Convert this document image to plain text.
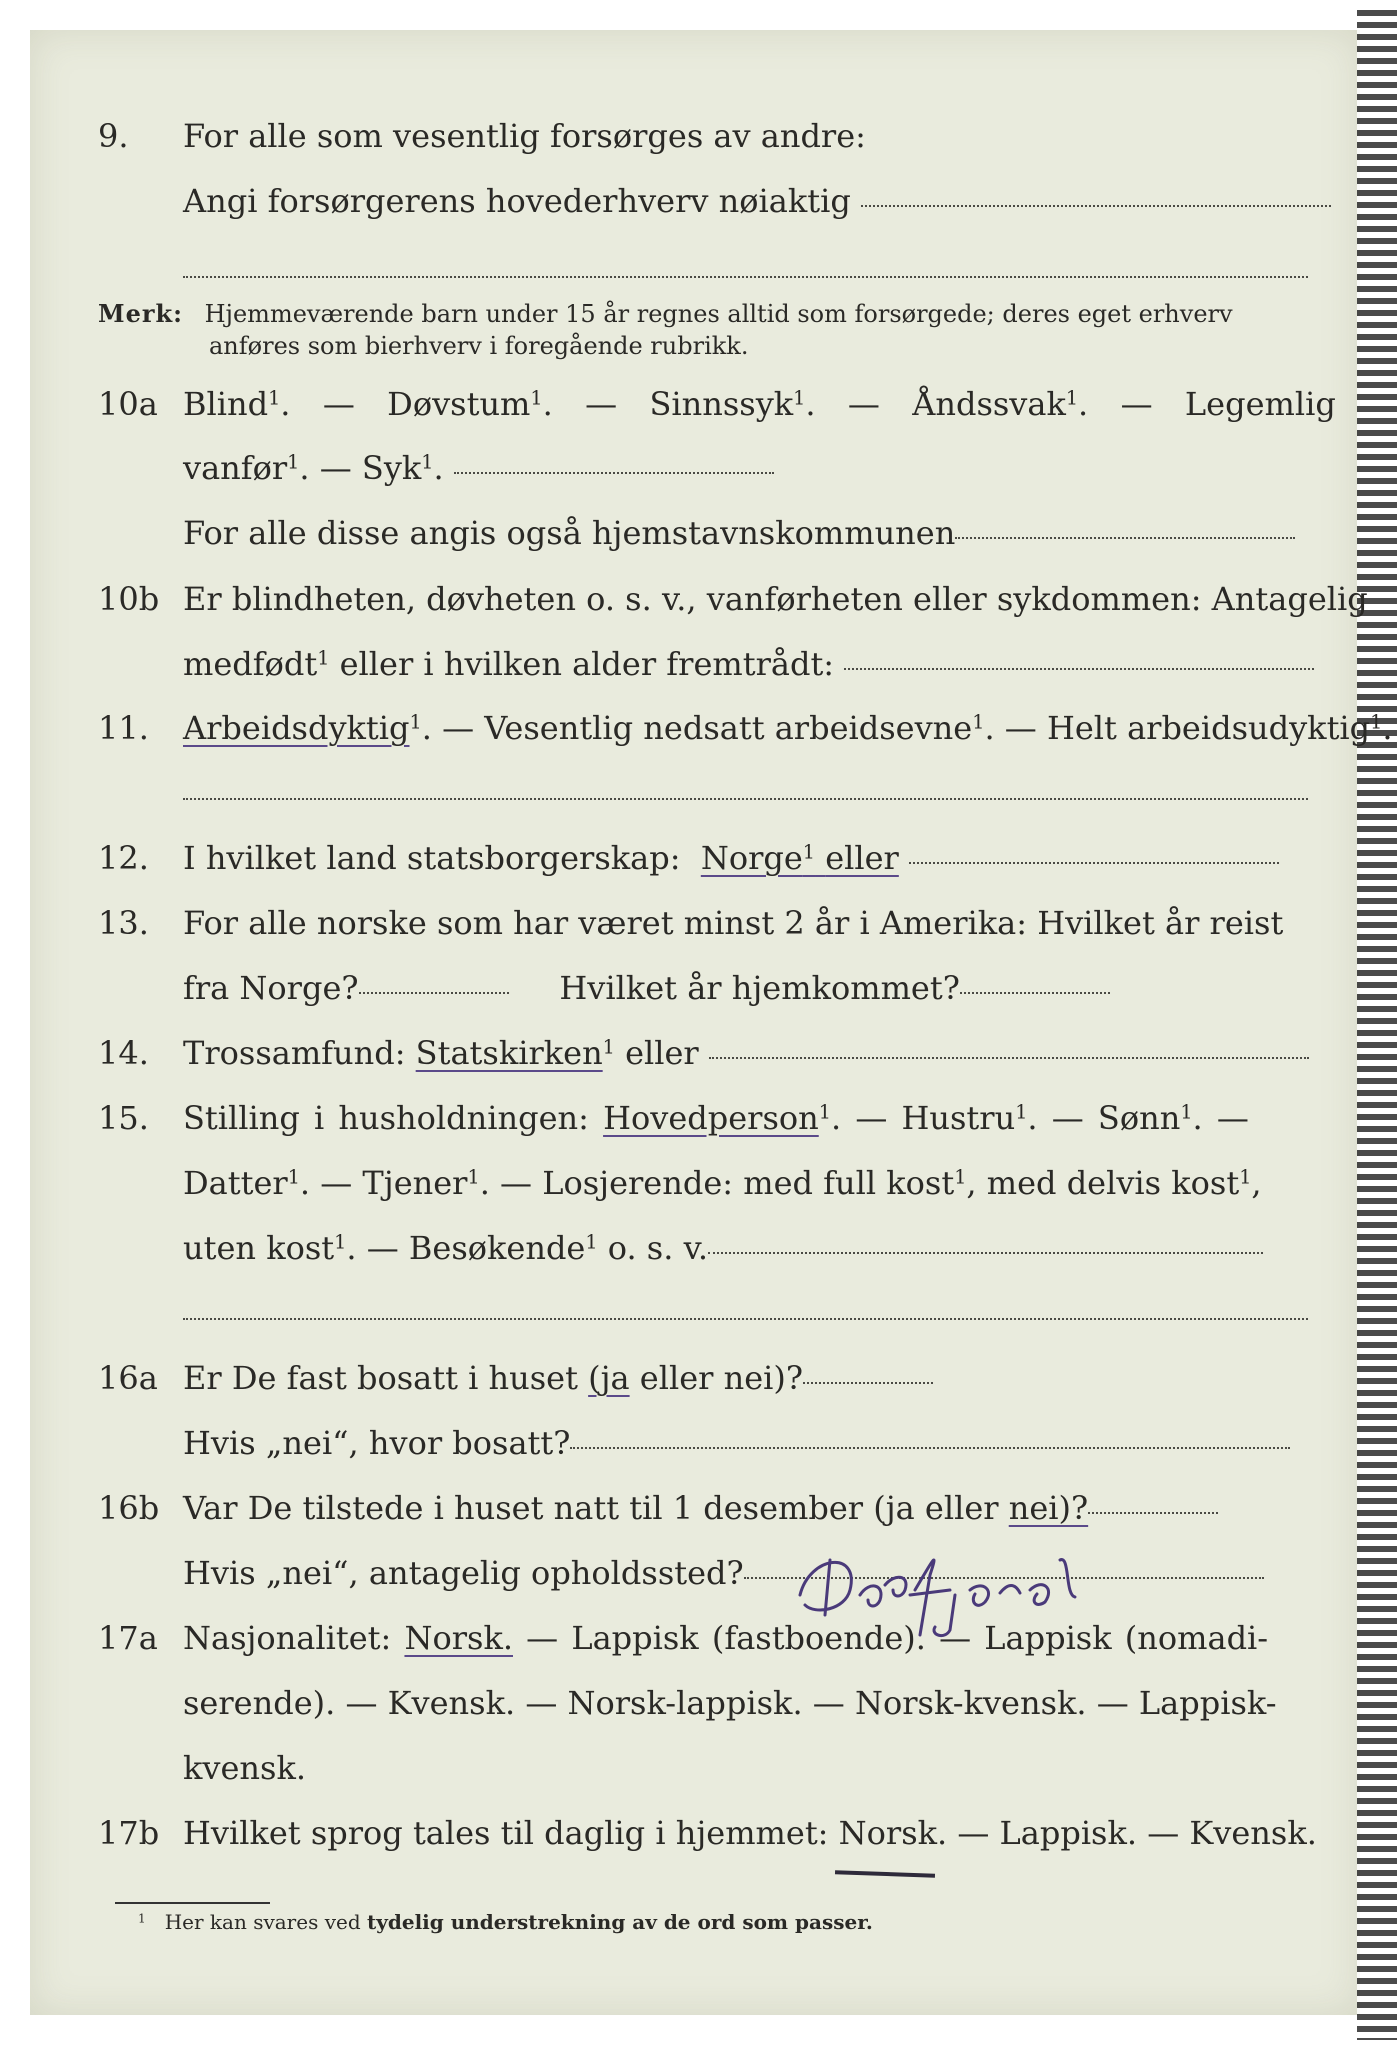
9. For alle som vesentlig forsørges av andre:
Angi forsørgerens hovederhverv nøiaktig
Merk: Hjemmeværende barn under 15 år regnes alltid som forsørgede; deres eget erhverv
anføres som bierhverv i foregående rubrikk.
10a Blind$^1$.  —  Døvstum$^1$.  —  Sinnssyk$^1$.  —  Åndssvak$^1$.  —  Legemlig
vanfør$^1$. — Syk$^1$.
For alle disse angis også hjemstavnskommunen
10b Er blindheten, døvheten o. s. v., vanførheten eller sykdommen: Antagelig
medfødt$^1$ eller i hvilken alder fremtrådt:
11. Arbeidsdyktig$^1$. — Vesentlig nedsatt arbeidsevne$^1$. — Helt arbeidsudyktig$^1$.
12. I hvilket land statsborgerskap: Norge$^1$ eller
13. For alle norske som har været minst 2 år i Amerika: Hvilket år reist
fra Norge?	Hvilket år hjemkommet?
14. Trossamfund: Statskirken$^1$ eller
15. Stilling i husholdningen: Hovedperson$^1$. — Hustru$^1$. — Sønn$^1$. —
Datter$^1$. — Tjener$^1$. — Losjerende: med full kost$^1$, med delvis kost$^1$,
uten kost$^1$. — Besøkende$^1$ o. s. v.
16a Er De fast bosatt i huset (ja eller nei)?
Hvis „nei“, hvor bosatt?
16b Var De tilstede i huset natt til 1 desember (ja eller nei)?
Hvis „nei“, antagelig opholdssted?
17a Nasjonalitet: Norsk. — Lappisk (fastboende). — Lappisk (nomadi-
serende). — Kvensk. — Norsk-lappisk. — Norsk-kvensk. — Lappisk-
kvensk.
17b Hvilket sprog tales til daglig i hjemmet: Norsk. — Lappisk. — Kvensk.
$^1$ Her kan svares ved tydelig understrekning av de ord som passer.
